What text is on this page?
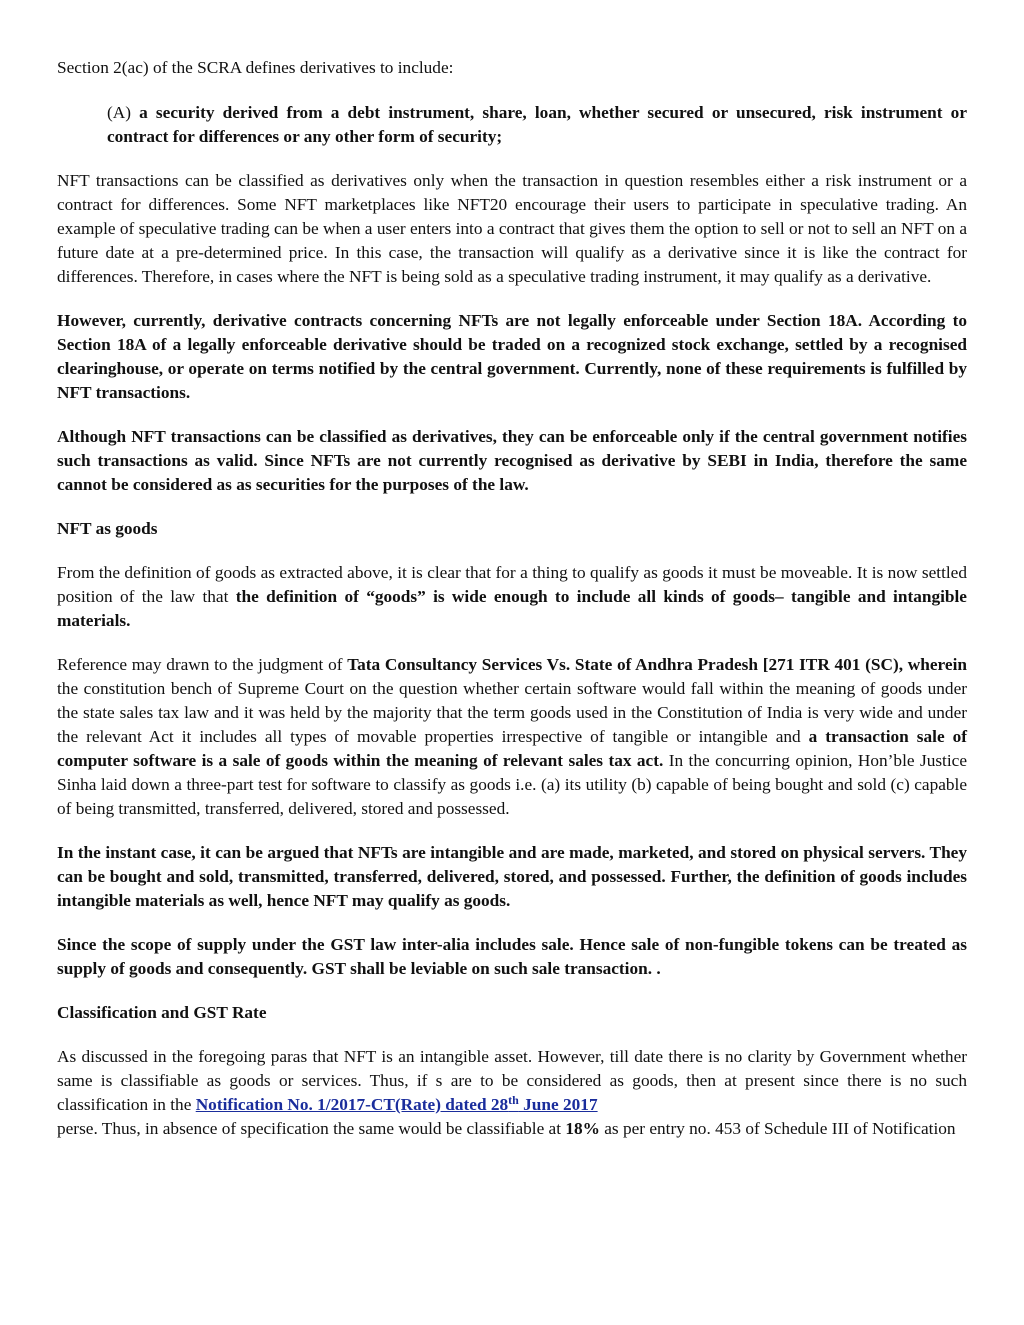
Section 2(ac) of the SCRA defines derivatives to include:

(A) a security derived from a debt instrument, share, loan, whether secured or unsecured, risk instrument or contract for differences or any other form of security;

NFT transactions can be classified as derivatives only when the transaction in question resembles either a risk instrument or a contract for differences. Some NFT marketplaces like NFT20 encourage their users to participate in speculative trading. An example of speculative trading can be when a user enters into a contract that gives them the option to sell or not to sell an NFT on a future date at a pre-determined price. In this case, the transaction will qualify as a derivative since it is like the contract for differences. Therefore, in cases where the NFT is being sold as a speculative trading instrument, it may qualify as a derivative.

However, currently, derivative contracts concerning NFTs are not legally enforceable under Section 18A. According to Section 18A of a legally enforceable derivative should be traded on a recognized stock exchange, settled by a recognised clearinghouse, or operate on terms notified by the central government. Currently, none of these requirements is fulfilled by NFT transactions.

Although NFT transactions can be classified as derivatives, they can be enforceable only if the central government notifies such transactions as valid. Since NFTs are not currently recognised as derivative by SEBI in India, therefore the same cannot be considered as as securities for the purposes of the law.

NFT as goods

From the definition of goods as extracted above, it is clear that for a thing to qualify as goods it must be moveable. It is now settled position of the law that the definition of “goods” is wide enough to include all kinds of goods– tangible and intangible materials.

Reference may drawn to the judgment of Tata Consultancy Services Vs. State of Andhra Pradesh [271 ITR 401 (SC), wherein the constitution bench of Supreme Court on the question whether certain software would fall within the meaning of goods under the state sales tax law and it was held by the majority that the term goods used in the Constitution of India is very wide and under the relevant Act it includes all types of movable properties irrespective of tangible or intangible and a transaction sale of computer software is a sale of goods within the meaning of relevant sales tax act. In the concurring opinion, Hon’ble Justice Sinha laid down a three-part test for software to classify as goods i.e. (a) its utility (b) capable of being bought and sold (c) capable of being transmitted, transferred, delivered, stored and possessed.

In the instant case, it can be argued that NFTs are intangible and are made, marketed, and stored on physical servers. They can be bought and sold, transmitted, transferred, delivered, stored, and possessed. Further, the definition of goods includes intangible materials as well, hence NFT may qualify as goods.

Since the scope of supply under the GST law inter-alia includes sale. Hence sale of non-fungible tokens can be treated as supply of goods and consequently. GST shall be leviable on such sale transaction. .

Classification and GST Rate

As discussed in the foregoing paras that NFT is an intangible asset. However, till date there is no clarity by Government whether same is classifiable as goods or services. Thus, if s are to be considered as goods, then at present since there is no such classification in the Notification No. 1/2017-CT(Rate) dated 28th June 2017
perse. Thus, in absence of specification the same would be classifiable at 18% as per entry no. 453 of Schedule III of Notification
